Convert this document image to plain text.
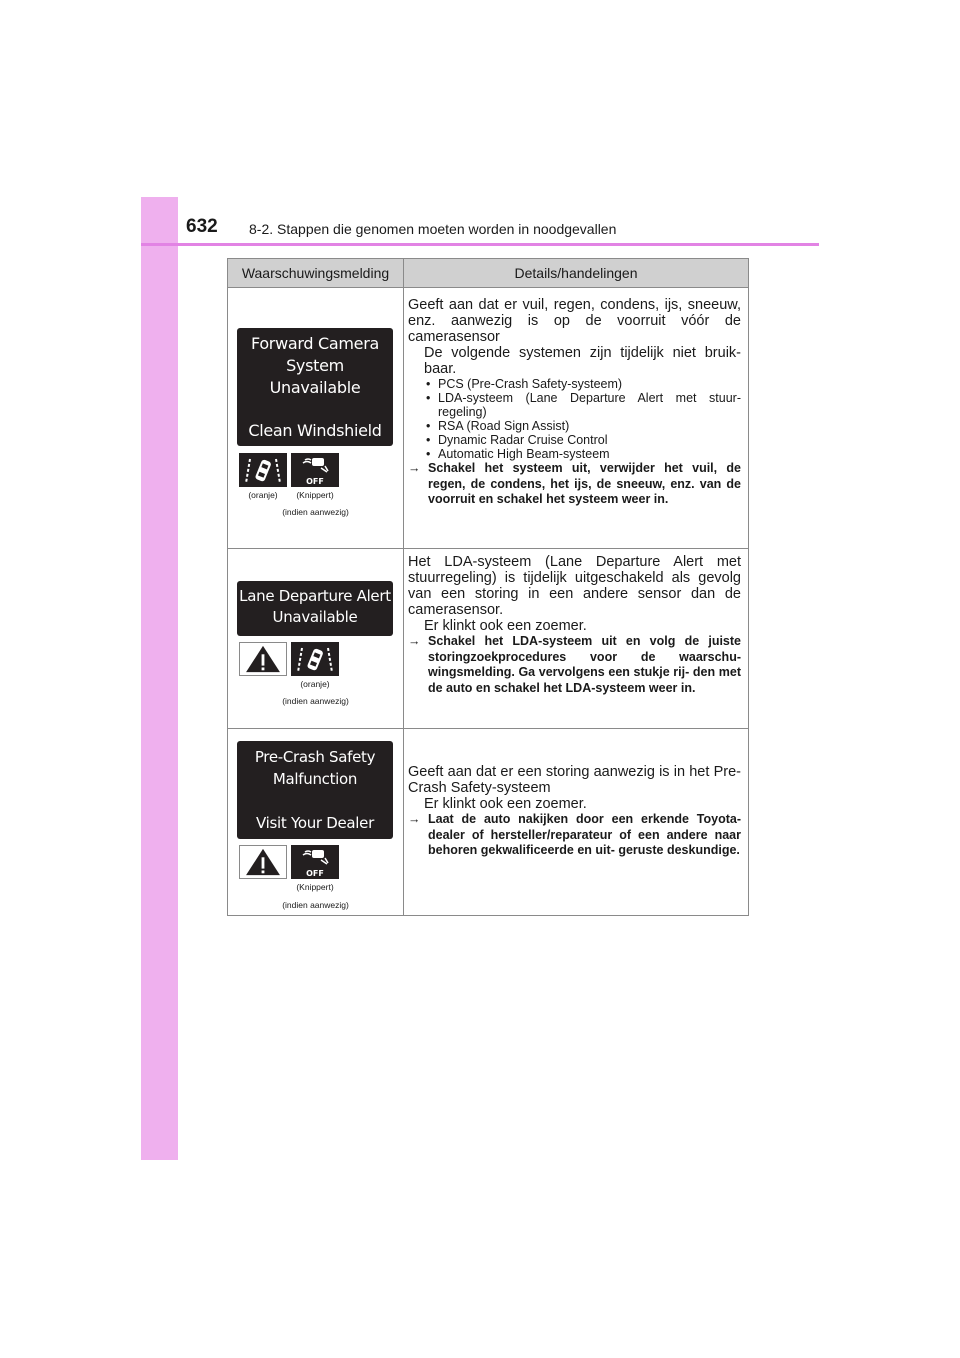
632 8-2. Stappen die genomen moeten worden in noodgevallen
Waarschuwingsmelding	Details/handelingen
Forward Camera
System
Unavailable
Clean Windshield
(oranje)	(Knippert)
(indien aanwezig)
Geeft aan dat er vuil, regen, condens, ijs, sneeuw, enz. aanwezig is op de voorruit vóór de camerasensor
De volgende systemen zijn tijdelijk niet bruik- baar.
• PCS (Pre-Crash Safety-systeem)
• LDA-systeem (Lane Departure Alert met stuur- regeling)
• RSA (Road Sign Assist)
• Dynamic Radar Cruise Control
• Automatic High Beam-systeem
→ Schakel het systeem uit, verwijder het vuil, de regen, de condens, het ijs, de sneeuw, enz. van de voorruit en schakel het systeem weer in.
Lane Departure Alert
Unavailable
(oranje)
(indien aanwezig)
Het LDA-systeem (Lane Departure Alert met stuurregeling) is tijdelijk uitgeschakeld als gevolg van een storing in een andere sensor dan de camerasensor.
Er klinkt ook een zoemer.
→ Schakel het LDA-systeem uit en volg de juiste storingzoekprocedures voor de waarschu- wingsmelding. Ga vervolgens een stukje rij- den met de auto en schakel het LDA-systeem weer in.
Pre-Crash Safety
Malfunction
Visit Your Dealer
(Knippert)
(indien aanwezig)
Geeft aan dat er een storing aanwezig is in het Pre-Crash Safety-systeem
Er klinkt ook een zoemer.
→ Laat de auto nakijken door een erkende Toyota-dealer of hersteller/reparateur of een andere naar behoren gekwalificeerde en uit- geruste deskundige.
